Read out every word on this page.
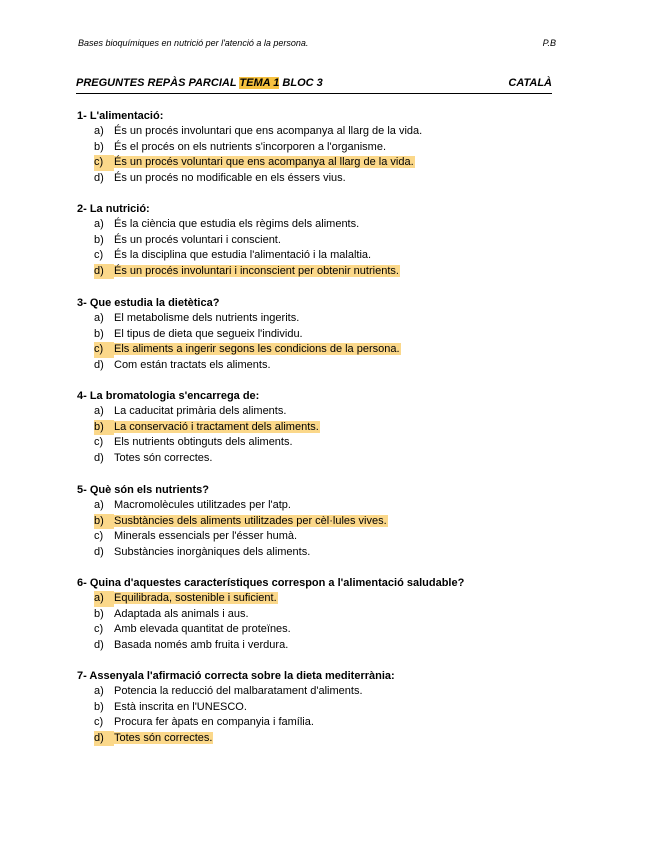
Bases bioquímiques en nutrició per l'atenció a la persona.	P.B
PREGUNTES REPÀS PARCIAL TEMA 1 BLOC 3	CATALÀ
1- L'alimentació:
a) És un procés involuntari que ens acompanya al llarg de la vida.
b) És el procés on els nutrients s'incorporen a l'organisme.
c) És un procés voluntari que ens acompanya al llarg de la vida.
d) És un procés no modificable en els éssers vius.
2- La nutrició:
a) És la ciència que estudia els règims dels aliments.
b) És un procés voluntari i conscient.
c) És la disciplina que estudia l'alimentació i la malaltia.
d) És un procés involuntari i inconscient per obtenir nutrients.
3- Que estudia la dietètica?
a) El metabolisme dels nutrients ingerits.
b) El tipus de dieta que segueix l'individu.
c) Els aliments a ingerir segons les condicions de la persona.
d) Com están tractats els aliments.
4- La bromatologia s'encarrega de:
a) La caducitat primària dels aliments.
b) La conservació i tractament dels aliments.
c) Els nutrients obtinguts dels aliments.
d) Totes són correctes.
5- Què són els nutrients?
a) Macromolècules utilitzades per l'atp.
b) Susbtàncies dels aliments utilitzades per cèl·lules vives.
c) Minerals essencials per l'ésser humà.
d) Substàncies inorgàniques dels aliments.
6- Quina d'aquestes característiques correspon a l'alimentació saludable?
a) Equilibrada, sostenible i suficient.
b) Adaptada als animals i aus.
c) Amb elevada quantitat de proteïnes.
d) Basada només amb fruita i verdura.
7- Assenyala l'afirmació correcta sobre la dieta mediterrània:
a) Potencia la reducció del malbaratament d'aliments.
b) Està inscrita en l'UNESCO.
c) Procura fer àpats en companyia i família.
d) Totes són correctes.
